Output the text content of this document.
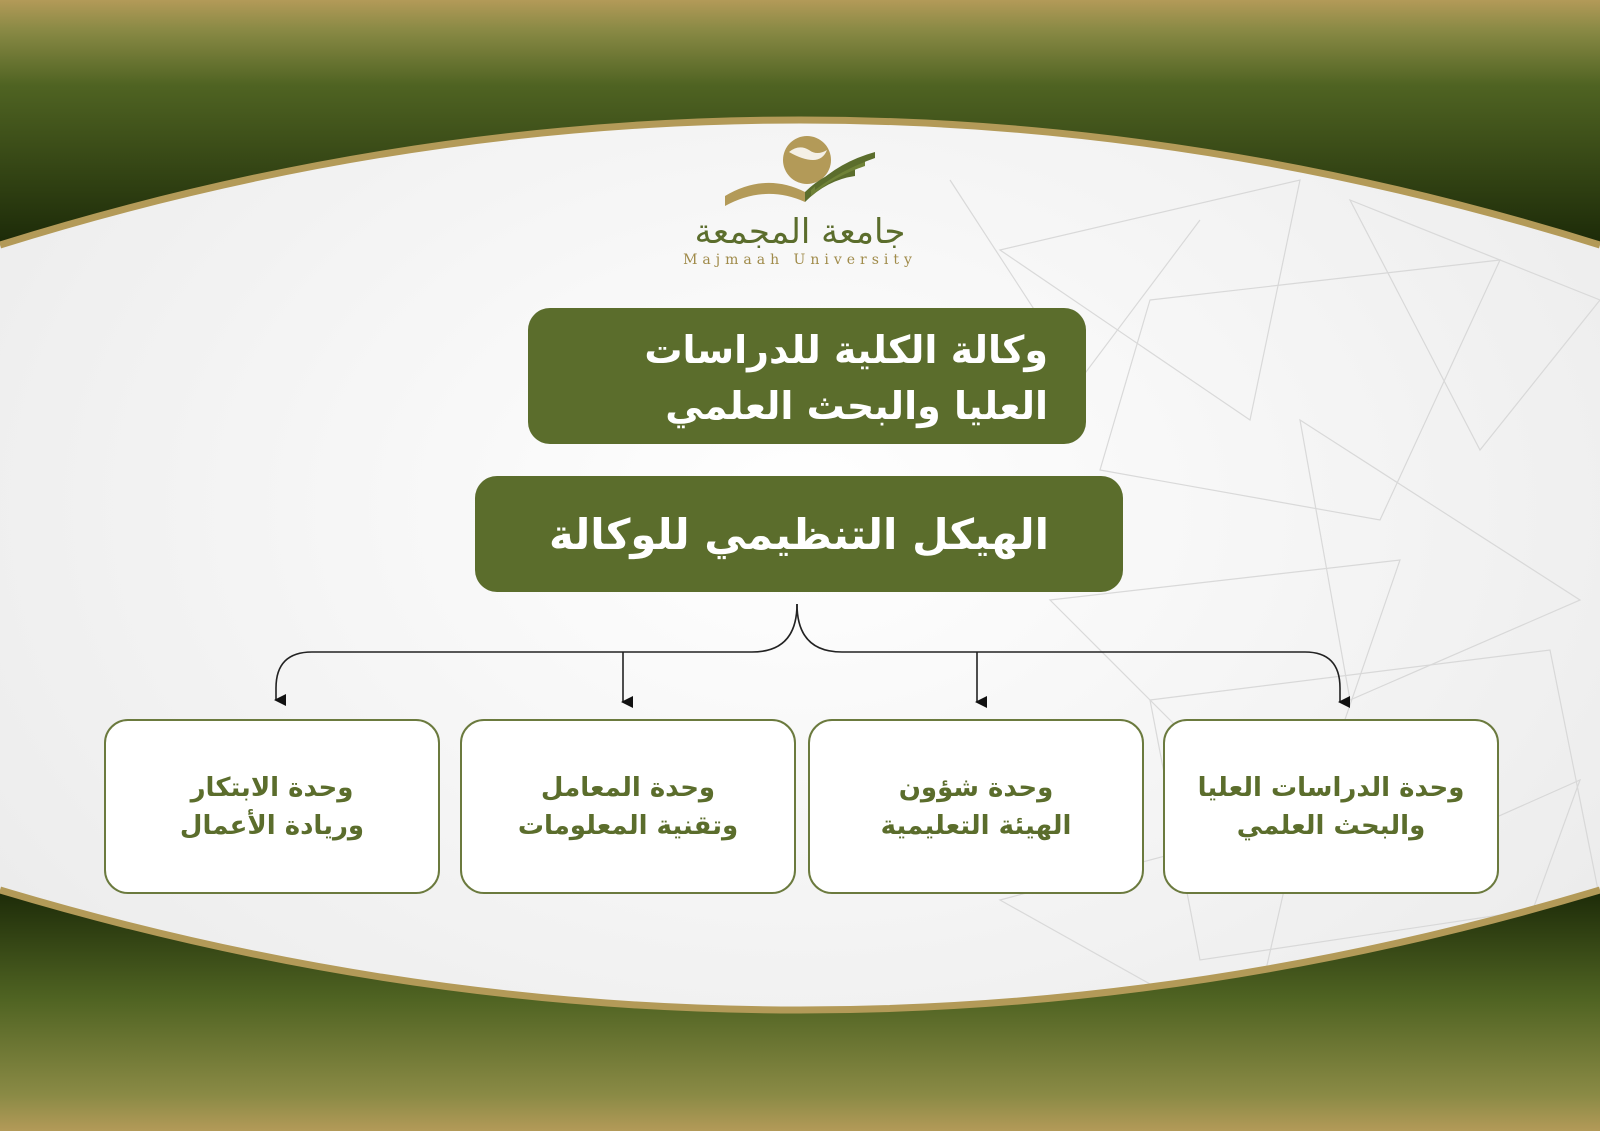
جامعة المجمعة
Majmaah University
وكالة الكلية للدراسات
العليا والبحث العلمي
الهيكل التنظيمي للوكالة
وحدة الدراسات العليا
والبحث العلمي
وحدة شؤون
الهيئة التعليمية
وحدة المعامل
وتقنية المعلومات
وحدة الابتكار
وريادة الأعمال
